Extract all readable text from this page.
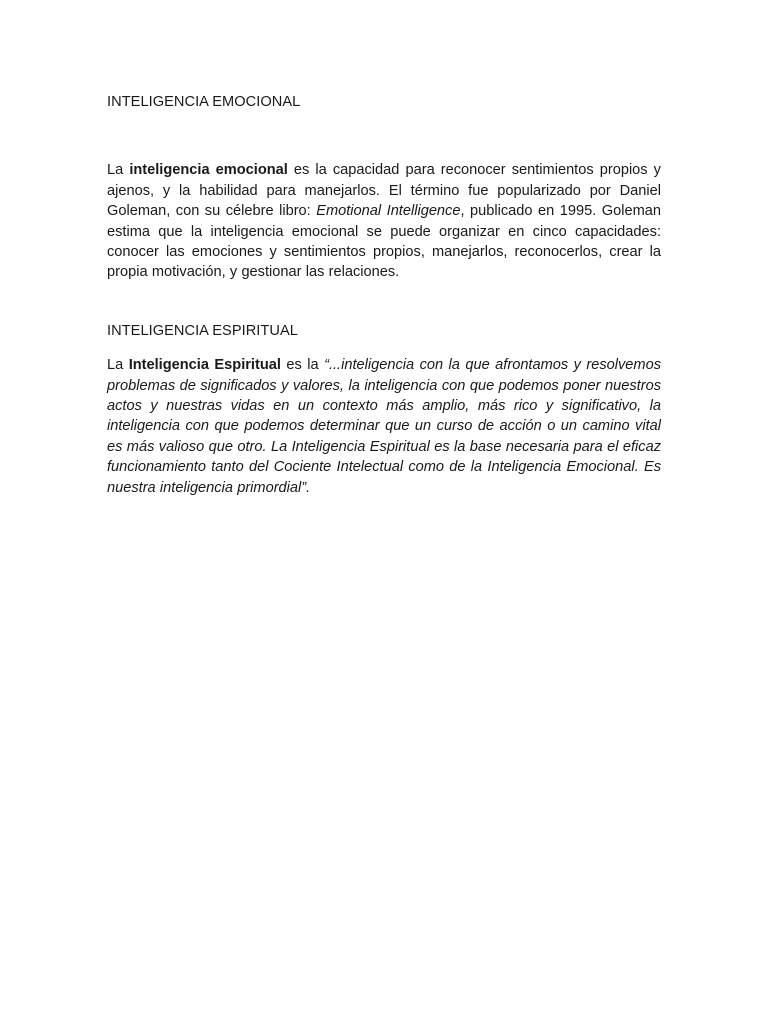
INTELIGENCIA EMOCIONAL

La inteligencia emocional es la capacidad para reconocer sentimientos propios y ajenos, y la habilidad para manejarlos. El término fue popularizado por Daniel Goleman, con su célebre libro: Emotional Intelligence, publicado en 1995. Goleman estima que la inteligencia emocional se puede organizar en cinco capacidades: conocer las emociones y sentimientos propios, manejarlos, reconocerlos, crear la propia motivación, y gestionar las relaciones.

INTELIGENCIA ESPIRITUAL

La Inteligencia Espiritual es la “...inteligencia con la que afrontamos y resolvemos problemas de significados y valores, la inteligencia con que podemos poner nuestros actos y nuestras vidas en un contexto más amplio, más rico y significativo, la inteligencia con que podemos determinar que un curso de acción o un camino vital es más valioso que otro. La Inteligencia Espiritual es la base necesaria para el eficaz funcionamiento tanto del Cociente Intelectual como de la Inteligencia Emocional. Es nuestra inteligencia primordial”.
